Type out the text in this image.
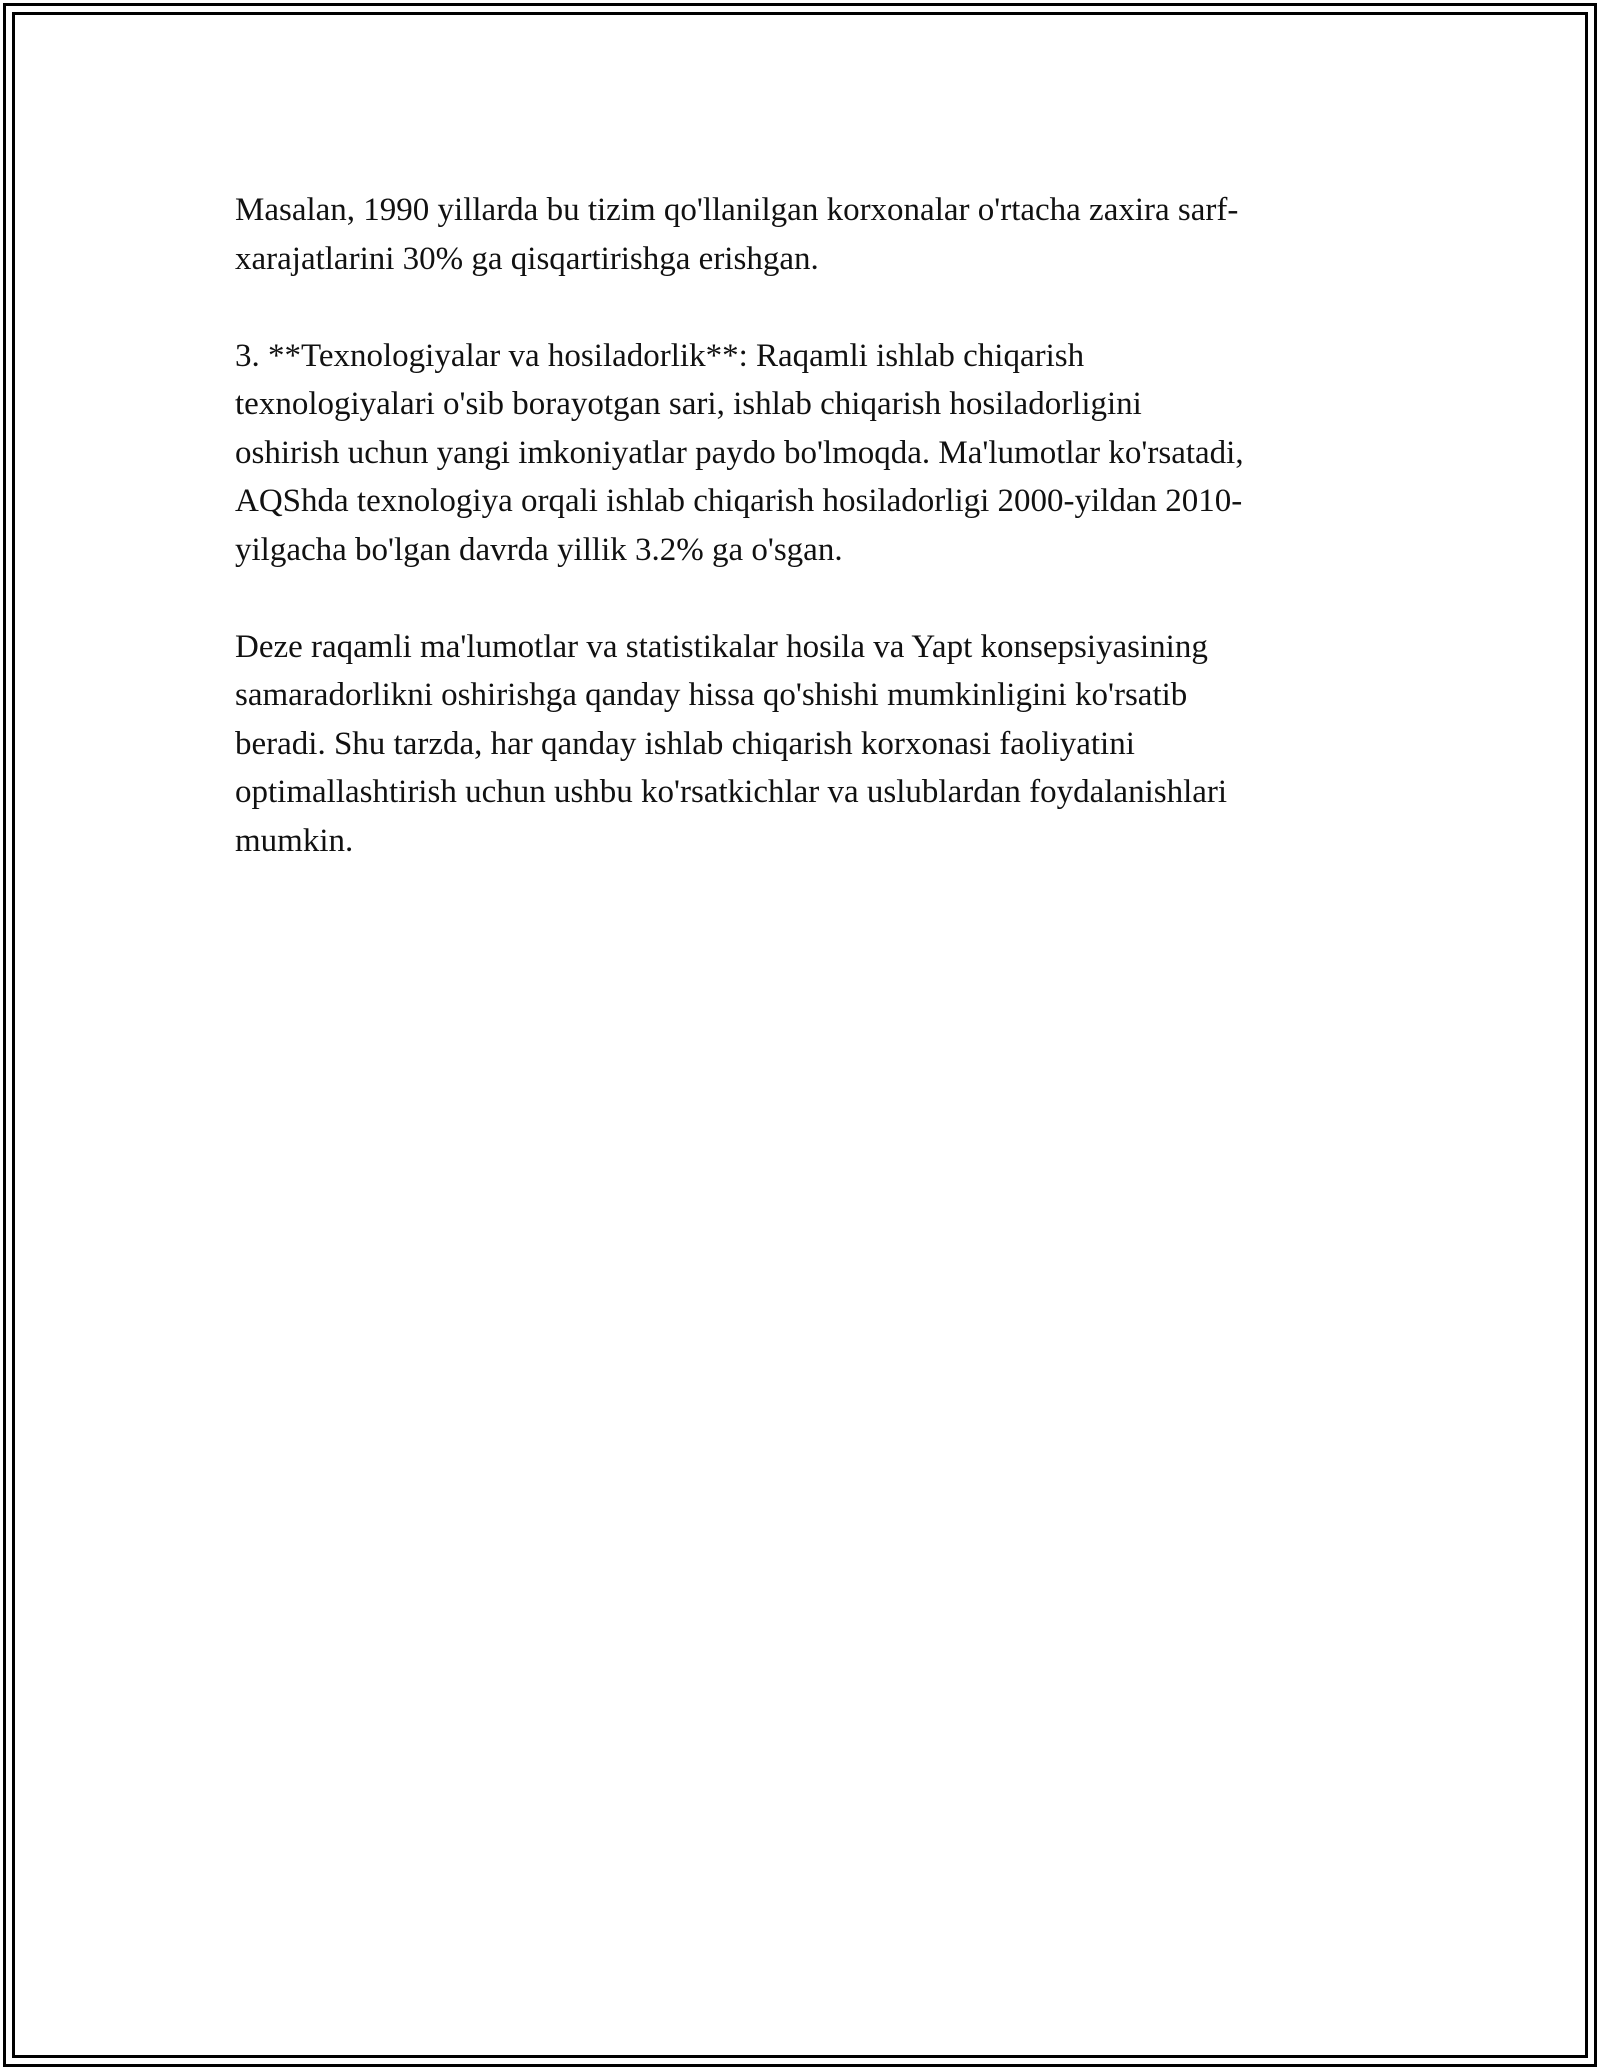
Masalan, 1990 yillarda bu tizim qo'llanilgan korxonalar o'rtacha zaxira sarf-
xarajatlarini 30% ga qisqartirishga erishgan.

3. **Texnologiyalar va hosiladorlik**: Raqamli ishlab chiqarish
texnologiyalari o'sib borayotgan sari, ishlab chiqarish hosiladorligini
oshirish uchun yangi imkoniyatlar paydo bo'lmoqda. Ma'lumotlar ko'rsatadi,
AQShda texnologiya orqali ishlab chiqarish hosiladorligi 2000-yildan 2010-
yilgacha bo'lgan davrda yillik 3.2% ga o'sgan.

Deze raqamli ma'lumotlar va statistikalar hosila va Yapt konsepsiyasining
samaradorlikni oshirishga qanday hissa qo'shishi mumkinligini ko'rsatib
beradi. Shu tarzda, har qanday ishlab chiqarish korxonasi faoliyatini
optimallashtirish uchun ushbu ko'rsatkichlar va uslublardan foydalanishlari
mumkin.
